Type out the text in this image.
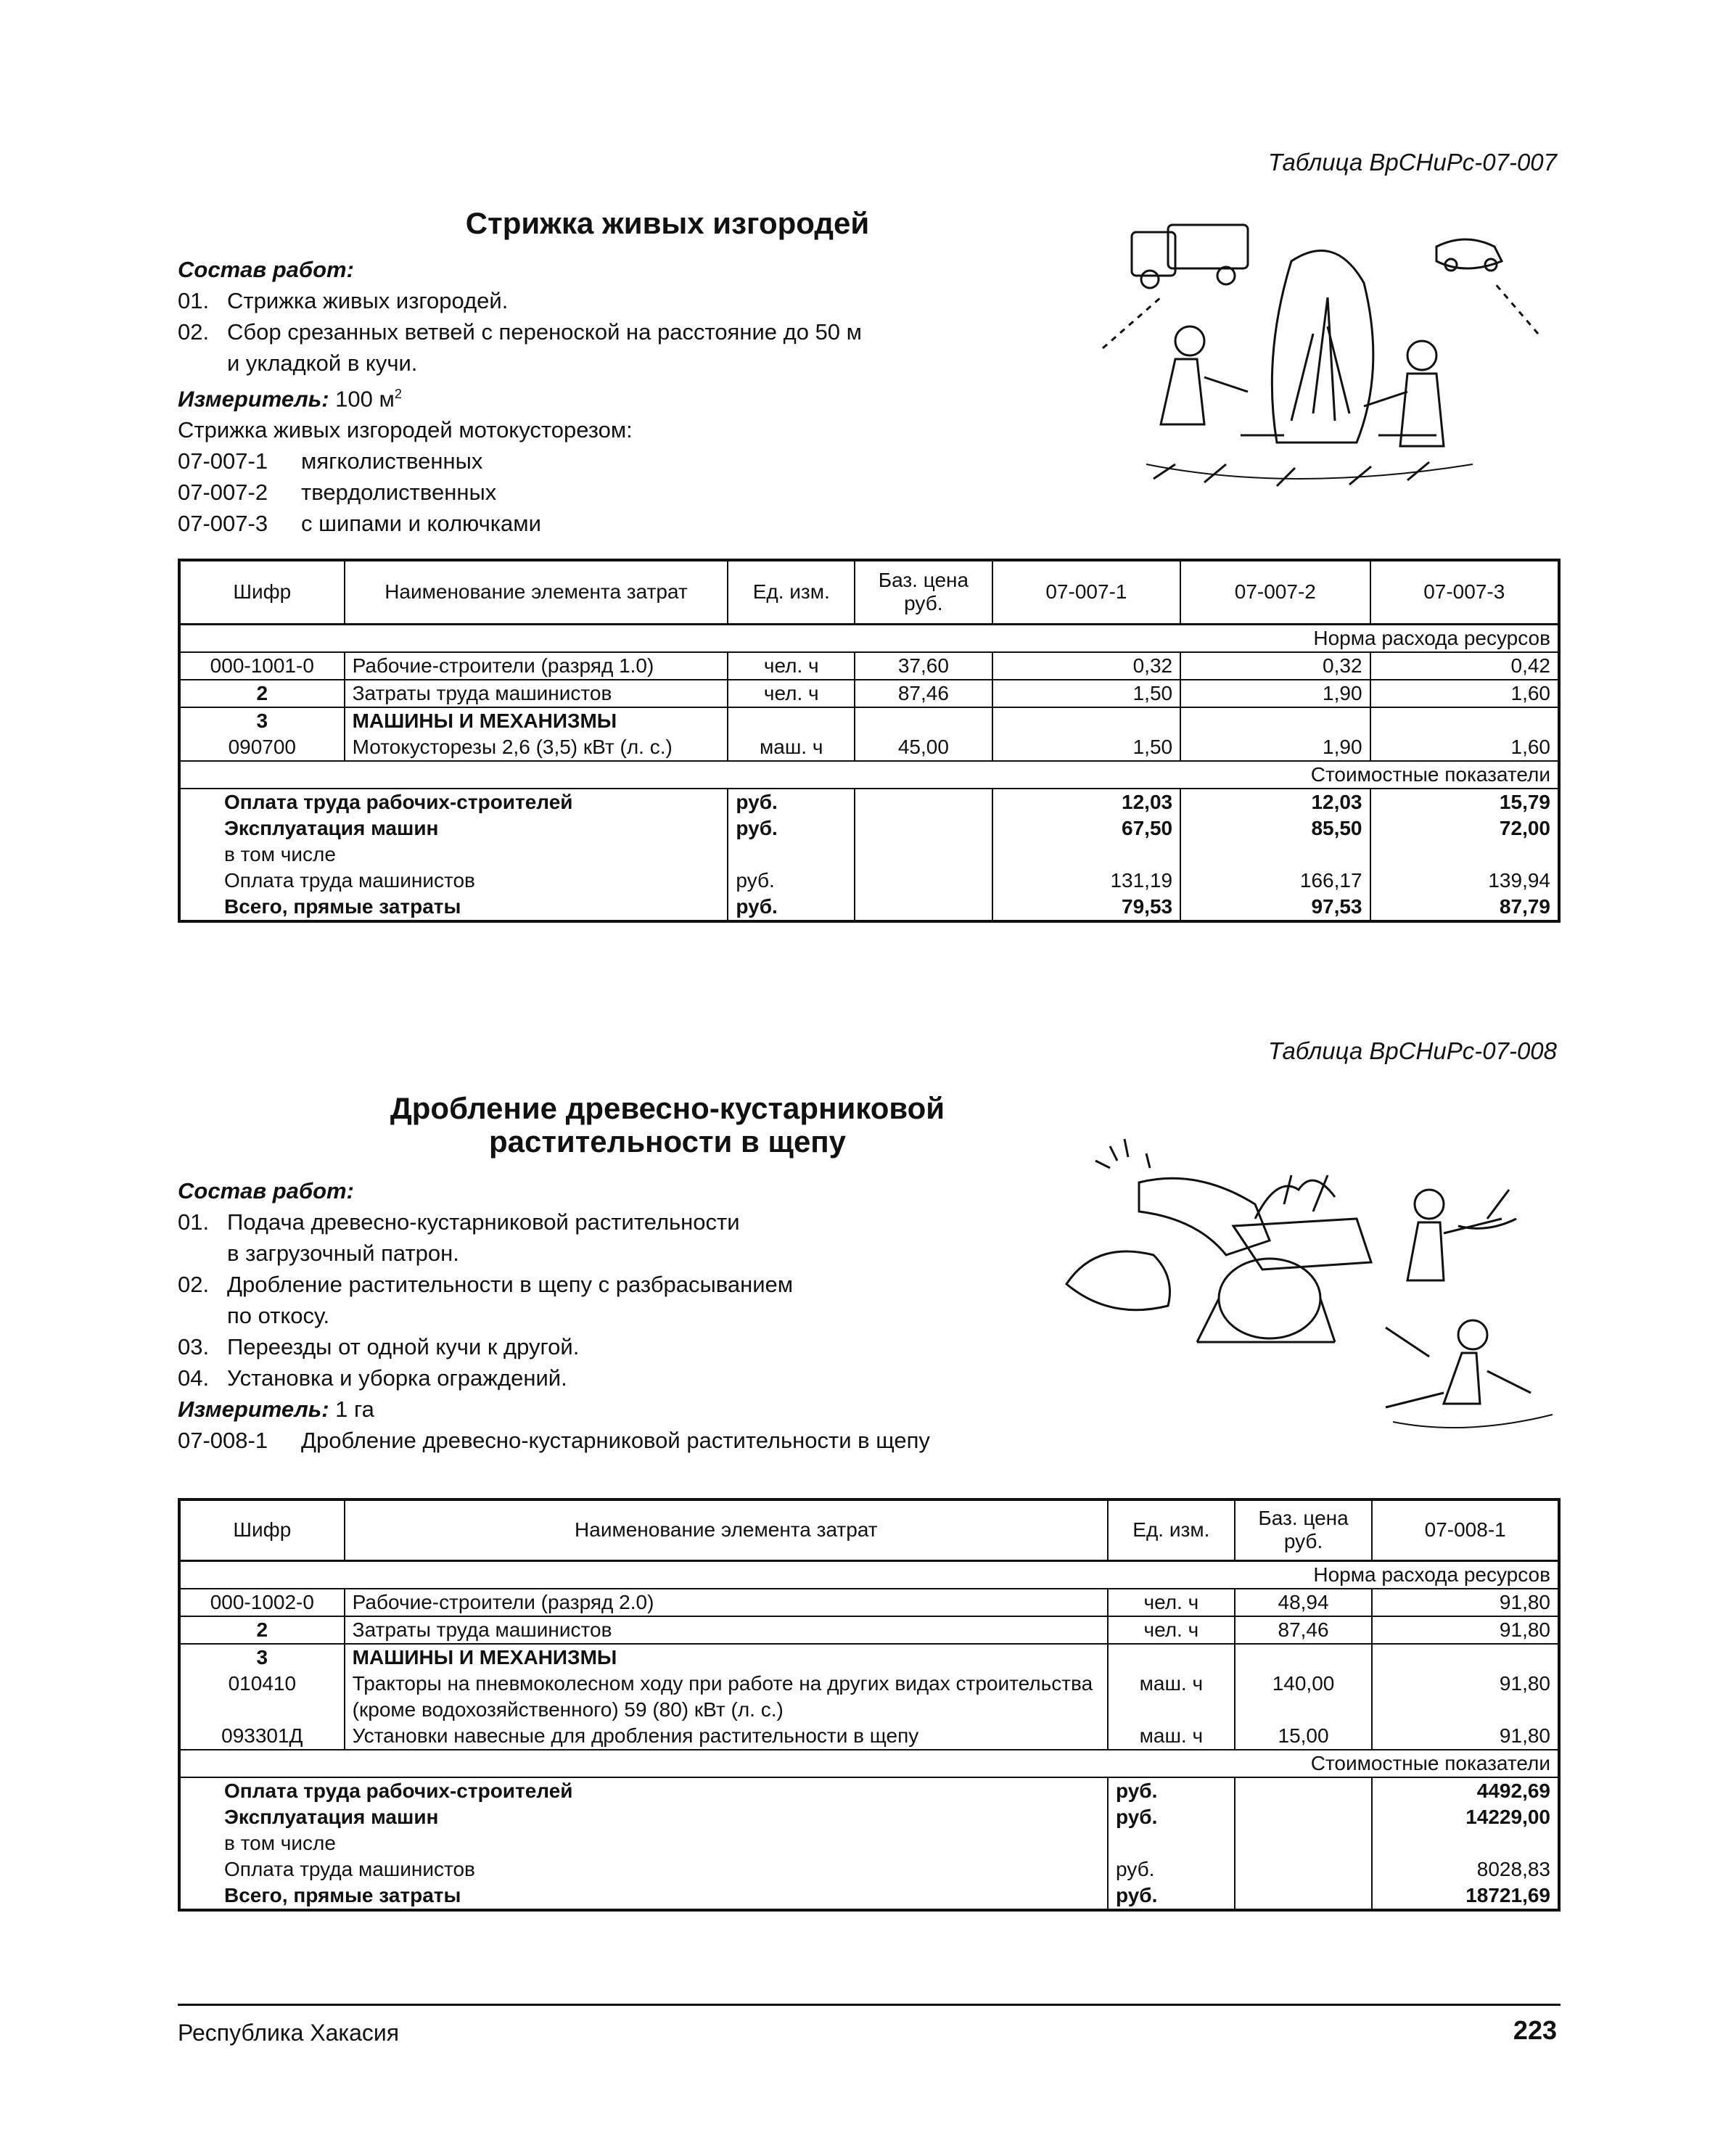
Таблица ВрСНиРс-07-007
Стрижка живых изгородей
Состав работ:
01. Стрижка живых изгородей.
02. Сбор срезанных ветвей с переноской на расстояние до 50 м
и укладкой в кучи.
Измеритель: 100 $м^2$
Стрижка живых изгородей мотокусторезом:
07-007-1 мягколиственных
07-007-2 твердолиственных
07-007-3 с шипами и колючками
Шифр	Наименование элемента затрат	Ед. изм.	Баз. цена руб.	07-007-1	07-007-2	07-007-3
Норма расхода ресурсов						
000-1001-0	Рабочие-строители (разряд 1.0)	чел. ч	37,60	0,32	0,32	0,42
2	Затраты труда машинистов	чел. ч	87,46	1,50	1,90	1,60
3	МАШИНЫ И МЕХАНИЗМЫ					
090700	Мотокусторезы 2,6 (3,5) кВт (л. с.)	маш. ч	45,00	1,50	1,90	1,60
Стоимостные показатели						
Оплата труда рабочих-строителей		руб.		12,03	12,03	15,79
Эксплуатация машин		руб.		67,50	85,50	72,00
в том числе						
Оплата труда машинистов		руб.		131,19	166,17	139,94
Всего, прямые затраты		руб.		79,53	97,53	87,79
Таблица ВрСНиРс-07-008
Дробление древесно-кустарниковой
растительности в щепу
Состав работ:
01. Подача древесно-кустарниковой растительности
в загрузочный патрон.
02. Дробление растительности в щепу с разбрасыванием
по откосу.
03. Переезды от одной кучи к другой.
04. Установка и уборка ограждений.
Измеритель: 1 га
07-008-1 Дробление древесно-кустарниковой растительности в щепу
Шифр	Наименование элемента затрат	Ед. изм.	Баз. цена руб.	07-008-1
Норма расхода ресурсов				
000-1002-0	Рабочие-строители (разряд 2.0)	чел. ч	48,94	91,80
2	Затраты труда машинистов	чел. ч	87,46	91,80
3	МАШИНЫ И МЕХАНИЗМЫ			
010410	Тракторы на пневмоколесном ходу при работе на других видах строительства (кроме водохозяйственного) 59 (80) кВт (л. с.)	маш. ч	140,00	91,80
093301Д	Установки навесные для дробления растительности в щепу	маш. ч	15,00	91,80
Стоимостные показатели				
Оплата труда рабочих-строителей		руб.		4492,69
Эксплуатация машин		руб.		14229,00
в том числе				
Оплата труда машинистов		руб.		8028,83
Всего, прямые затраты		руб.		18721,69
Республика Хакасия	223
